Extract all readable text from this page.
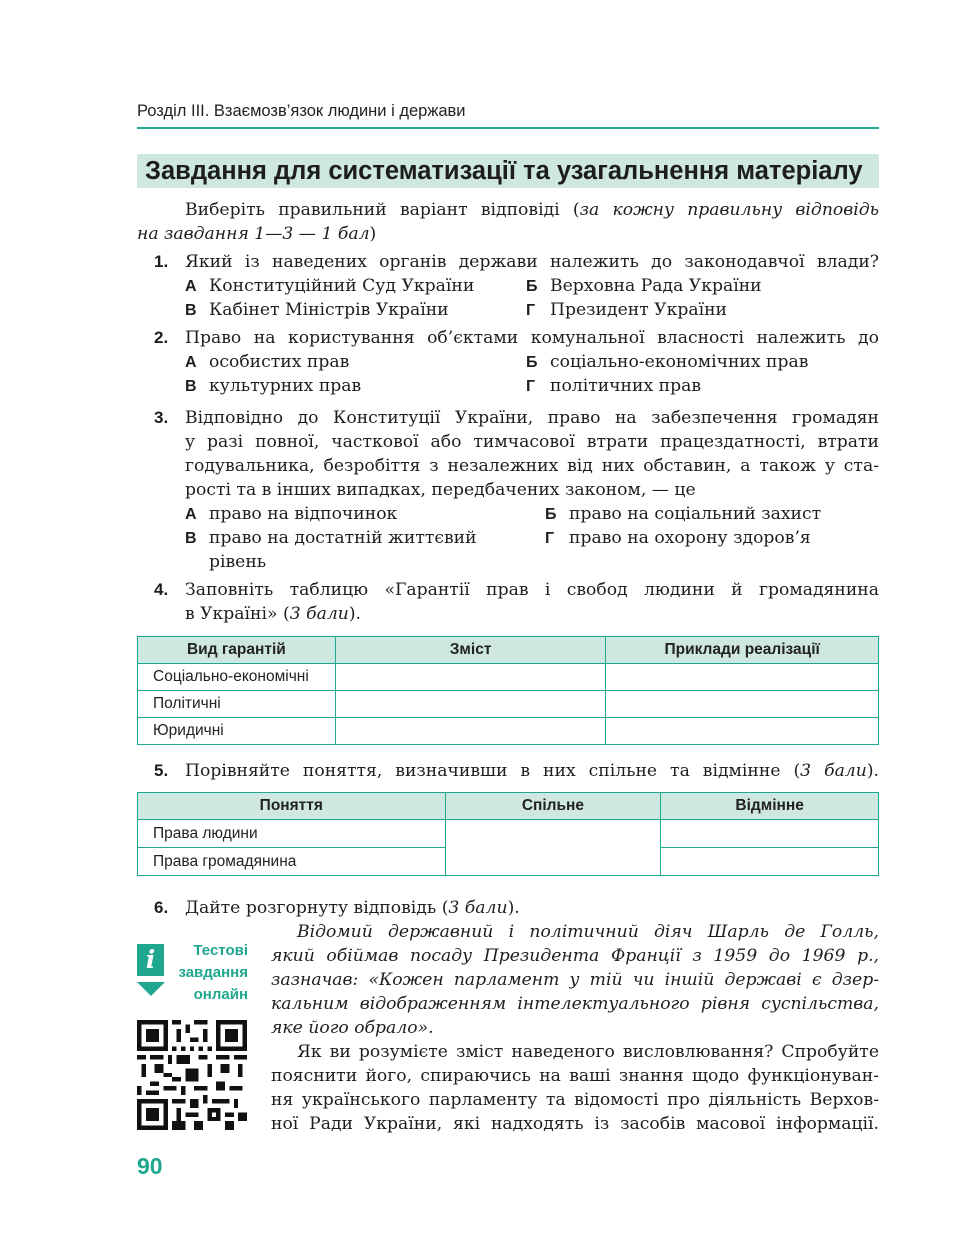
Розділ III. Взаємозв’язок людини і держави
Завдання для систематизації та узагальнення матеріалу
Виберіть правильний варіант відповіді (за кожну правильну відповідь
на завдання 1—3 — 1 бал)
1. Який із наведених органів держави належить до законодавчої влади?
А Конституційний Суд України	Б Верховна Рада України
В Кабінет Міністрів України	Г Президент України
2. Право на користування об’єктами комунальної власності належить до
А особистих прав	Б соціально-економічних прав
В культурних прав	Г політичних прав
3. Відповідно до Конституції України, право на забезпечення громадян
у разі повної, часткової або тимчасової втрати працездатності, втрати
годувальника, безробіття з незалежних від них обставин, а також у ста-
рості та в інших випадках, передбачених законом, — це
А право на відпочинок	Б право на соціальний захист
В право на достатній життєвий
рівень
Г право на охорону здоров’я
4. Заповніть таблицю «Гарантії прав і свобод людини й громадянина
в Україні» (3 бали).
Вид гарантій	Зміст	Приклади реалізації
Соціально-економічні		
Політичні		
Юридичні		
5. Порівняйте поняття, визначивши в них спільне та відмінне (3 бали).
Поняття	Спільне	Відмінне
Права людини		
Права громадянина		
6. Дайте розгорнуту відповідь (3 бали).
Відомий державний і політичний діяч Шарль де Голль,
який обіймав посаду Президента Франції з 1959 до 1969 р.,
зазначав: «Кожен парламент у тій чи іншій державі є дзер-
кальним відображенням інтелектуального рівня суспільства,
яке його обрало».
Як ви розумієте зміст наведеного висловлювання? Спробуйте
пояснити його, спираючись на ваші знання щодо функціонуван-
ня українського парламенту та відомості про діяльність Верхов-
ної Ради України, які надходять із засобів масової інформації.
i	Тестові
завдання
онлайн
90
